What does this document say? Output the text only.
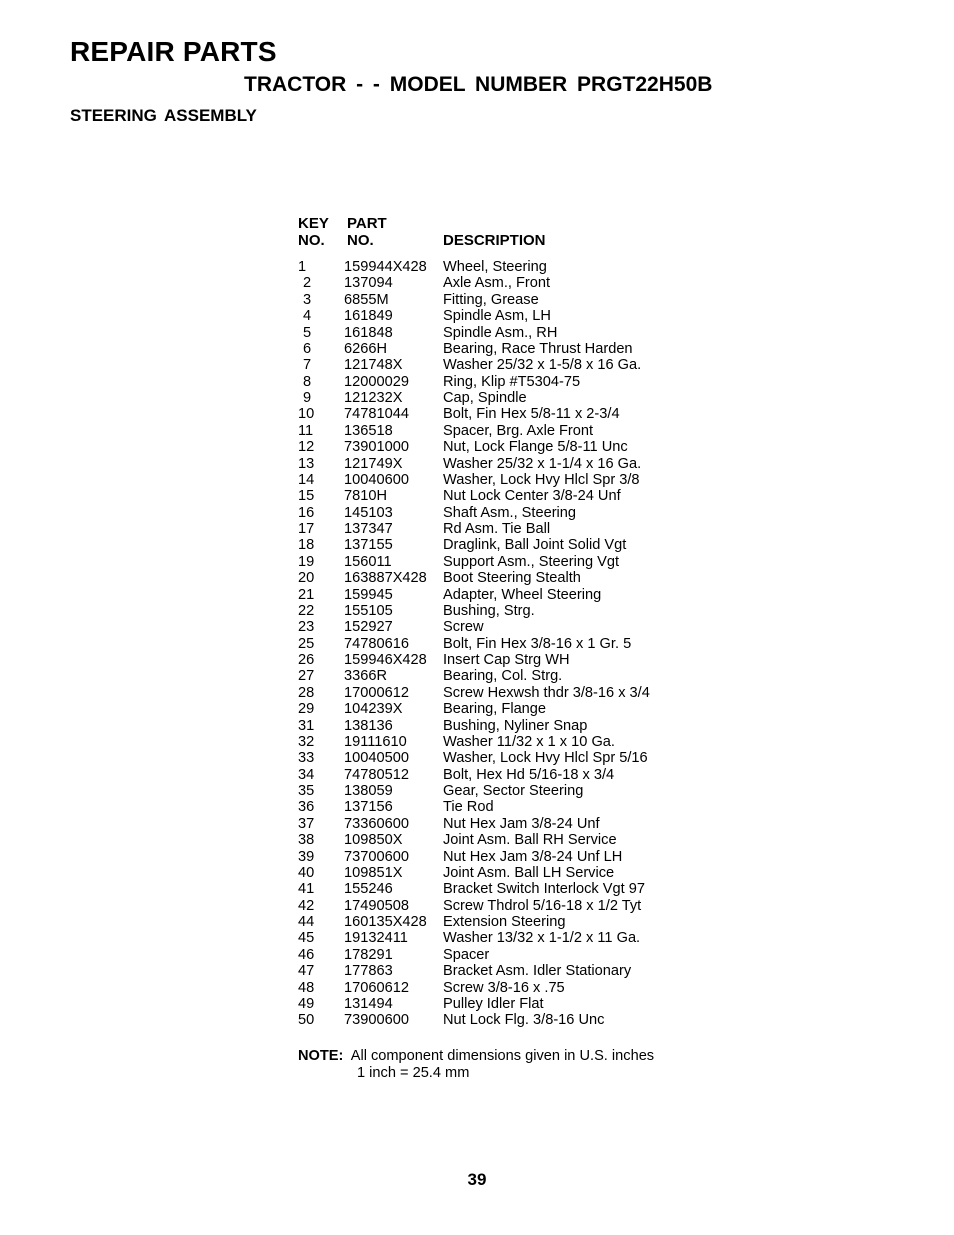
REPAIR PARTS
TRACTOR - - MODEL NUMBER PRGT22H50B
STEERING ASSEMBLY
KEY
NO.
PART
NO.	DESCRIPTION
1	159944X428 Wheel, Steering
2	137094	Axle Asm., Front
3	6855M	Fitting, Grease
4	161849	Spindle Asm, LH
5	161848	Spindle Asm., RH
6	6266H	Bearing, Race Thrust Harden
7	121748X	Washer 25/32 x 1-5/8 x 16 Ga.
8	12000029 Ring, Klip #T5304-75
9	121232X	Cap, Spindle
10	74781044 Bolt, Fin Hex 5/8-11 x 2-3/4
11	136518	Spacer, Brg. Axle Front
12	73901000 Nut, Lock Flange 5/8-11 Unc
13	121749X	Washer 25/32 x 1-1/4 x 16 Ga.
14	10040600 Washer, Lock Hvy Hlcl Spr 3/8
15	7810H	Nut Lock Center 3/8-24 Unf
16	145103	Shaft Asm., Steering
17	137347	Rd Asm. Tie Ball
18	137155	Draglink, Ball Joint Solid Vgt
19	156011	Support Asm., Steering Vgt
20	163887X428 Boot Steering Stealth
21	159945	Adapter, Wheel Steering
22	155105	Bushing, Strg.
23	152927	Screw
25	74780616 Bolt, Fin Hex 3/8-16 x 1 Gr. 5
26	159946X428 Insert Cap Strg WH
27	3366R	Bearing, Col. Strg.
28	17000612 Screw Hexwsh thdr 3/8-16 x 3/4
29	104239X	Bearing, Flange
31	138136	Bushing, Nyliner Snap
32	19111610 Washer 11/32 x 1 x 10 Ga.
33	10040500 Washer, Lock Hvy Hlcl Spr 5/16
34	74780512 Bolt, Hex Hd 5/16-18 x 3/4
35	138059	Gear, Sector Steering
36	137156	Tie Rod
37	73360600 Nut Hex Jam 3/8-24 Unf
38	109850X	Joint Asm. Ball RH Service
39	73700600 Nut Hex Jam 3/8-24 Unf LH
40	109851X	Joint Asm. Ball LH Service
41	155246	Bracket Switch Interlock Vgt 97
42	17490508 Screw Thdrol 5/16-18 x 1/2 Tyt
44	160135X428 Extension Steering
45	19132411 Washer 13/32 x 1-1/2 x 11 Ga.
46	178291	Spacer
47	177863	Bracket Asm. Idler Stationary
48	17060612 Screw 3/8-16 x .75
49	131494	Pulley Idler Flat
50	73900600 Nut Lock Flg. 3/8-16 Unc
NOTE: All component dimensions given in U.S. inches
1 inch = 25.4 mm
39
